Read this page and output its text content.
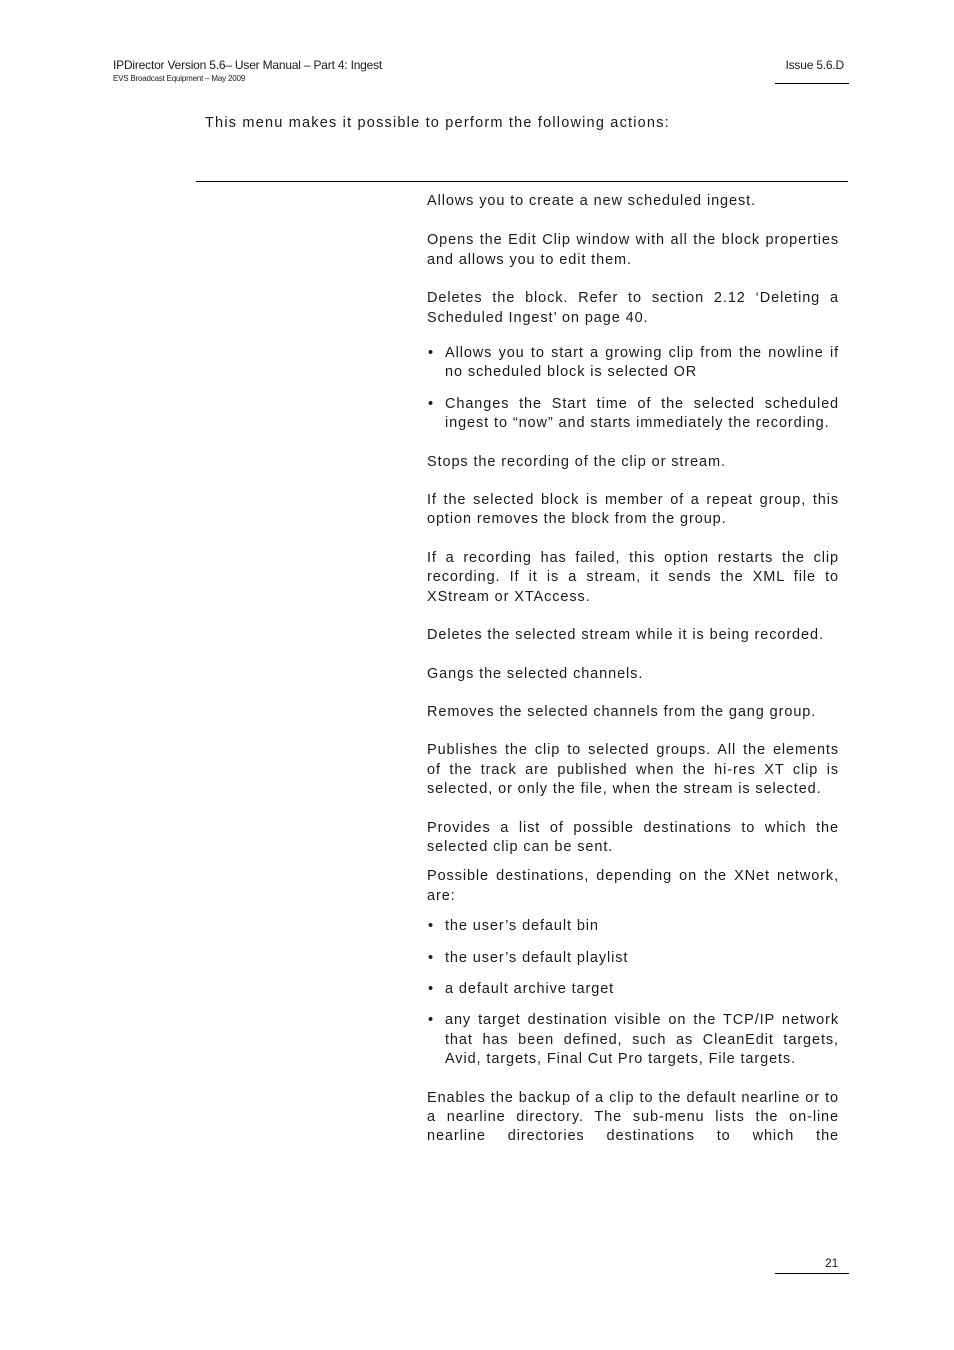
IPDirector Version 5.6– User Manual – Part 4: Ingest
EVS Broadcast Equipment – May 2009
Issue 5.6.D
This menu makes it possible to perform the following actions:

Allows you to create a new scheduled ingest.

Opens the Edit Clip window with all the block properties and allows you to edit them.

Deletes the block. Refer to section 2.12 ‘Deleting a Scheduled Ingest’ on page 40.

• Allows you to start a growing clip from the nowline if no scheduled block is selected OR
• Changes the Start time of the selected scheduled ingest to “now” and starts immediately the recording.

Stops the recording of the clip or stream.

If the selected block is member of a repeat group, this option removes the block from the group.

If a recording has failed, this option restarts the clip recording. If it is a stream, it sends the XML file to XStream or XTAccess.

Deletes the selected stream while it is being recorded.

Gangs the selected channels.

Removes the selected channels from the gang group.

Publishes the clip to selected groups. All the elements of the track are published when the hi-res XT clip is selected, or only the file, when the stream is selected.

Provides a list of possible destinations to which the selected clip can be sent.

Possible destinations, depending on the XNet network, are:

• the user’s default bin
• the user’s default playlist
• a default archive target
• any target destination visible on the TCP/IP network that has been defined, such as CleanEdit targets, Avid, targets, Final Cut Pro targets, File targets.

Enables the backup of a clip to the default nearline or to a nearline directory. The sub-menu lists the on-line nearline directories destinations to which the

21
